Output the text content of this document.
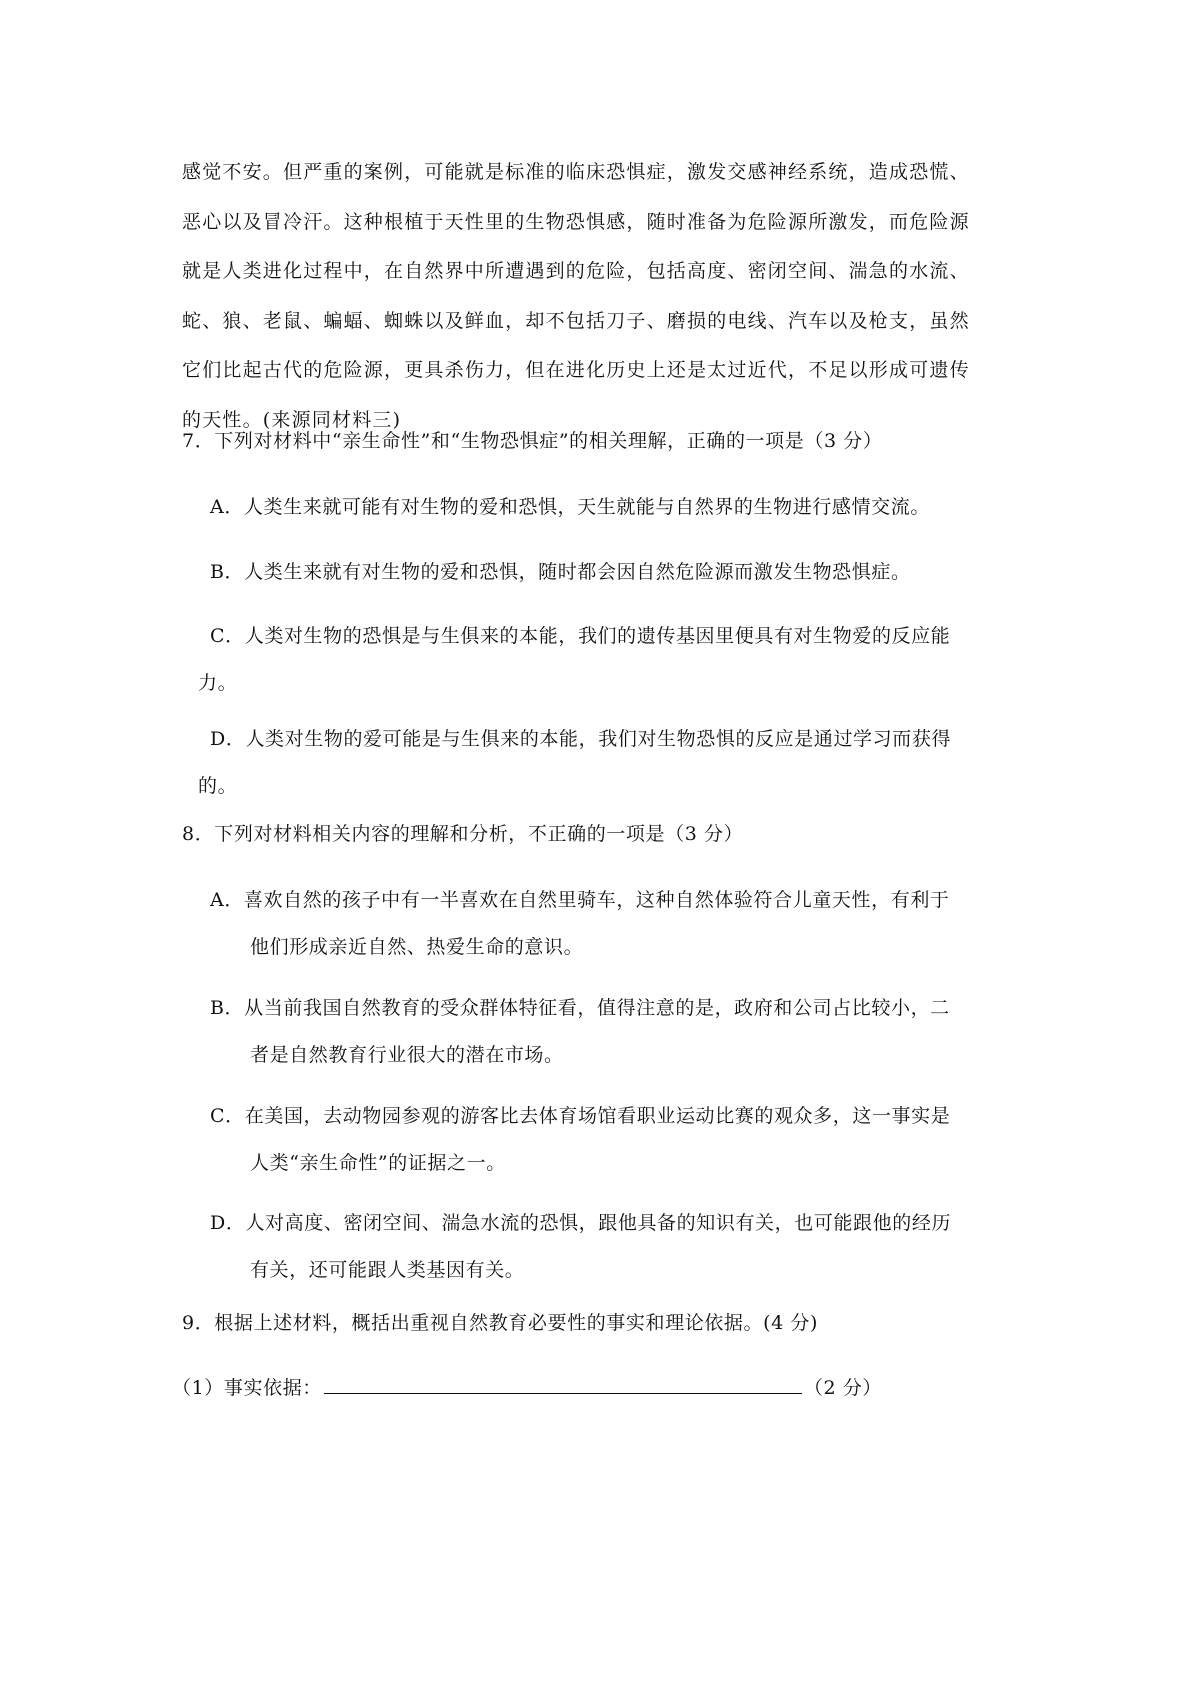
感觉不安。但严重的案例，可能就是标准的临床恐惧症，激发交感神经系统，造成恐慌、
恶心以及冒冷汗。这种根植于天性里的生物恐惧感，随时准备为危险源所激发，而危险源
就是人类进化过程中，在自然界中所遭遇到的危险，包括高度、密闭空间、湍急的水流、
蛇、狼、老鼠、蝙蝠、蜘蛛以及鲜血，却不包括刀子、磨损的电线、汽车以及枪支，虽然
它们比起古代的危险源，更具杀伤力，但在进化历史上还是太过近代，不足以形成可遗传
的天性。(来源同材料三)
7．下列对材料中“亲生命性”和“生物恐惧症”的相关理解，正确的一项是（3 分）
A．人类生来就可能有对生物的爱和恐惧，天生就能与自然界的生物进行感情交流。
B．人类生来就有对生物的爱和恐惧，随时都会因自然危险源而激发生物恐惧症。
C．人类对生物的恐惧是与生俱来的本能，我们的遗传基因里便具有对生物爱的反应能
力。
D．人类对生物的爱可能是与生俱来的本能，我们对生物恐惧的反应是通过学习而获得
的。
8．下列对材料相关内容的理解和分析，不正确的一项是（3 分）
A．喜欢自然的孩子中有一半喜欢在自然里骑车，这种自然体验符合儿童天性，有利于
他们形成亲近自然、热爱生命的意识。
B．从当前我国自然教育的受众群体特征看，值得注意的是，政府和公司占比较小，二
者是自然教育行业很大的潜在市场。
C．在美国，去动物园参观的游客比去体育场馆看职业运动比赛的观众多，这一事实是
人类“亲生命性”的证据之一。
D．人对高度、密闭空间、湍急水流的恐惧，跟他具备的知识有关，也可能跟他的经历
有关，还可能跟人类基因有关。
9．根据上述材料，概括出重视自然教育必要性的事实和理论依据。(4 分)
（1）事实依据：	（2 分）
